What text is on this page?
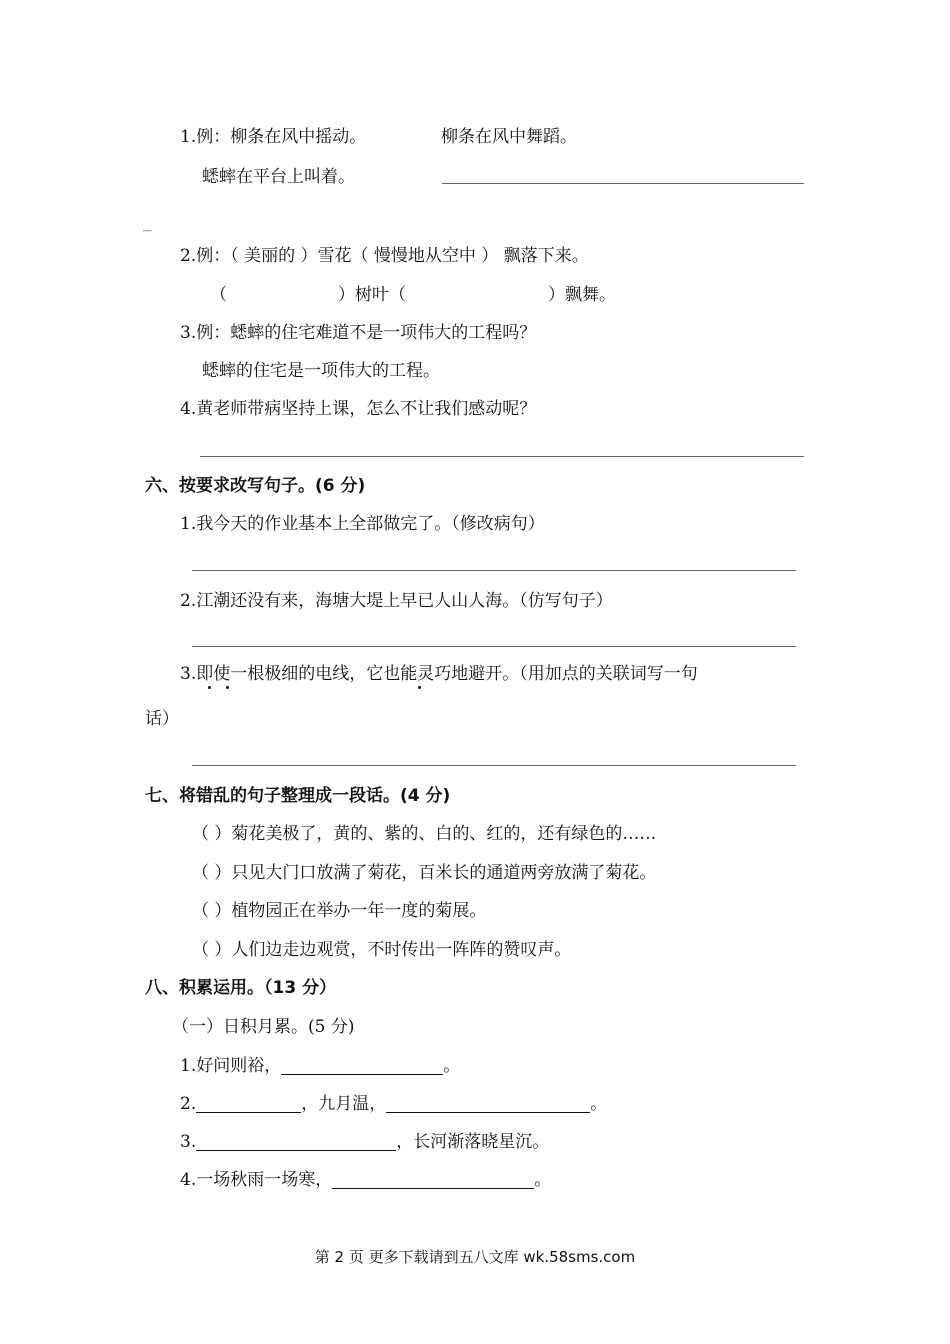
1.例：柳条在风中摇动。	柳条在风中舞蹈。
蟋蟀在平台上叫着。
_
2.例：（ 美丽的 ）雪花（ 慢慢地从空中 ） 飘落下来。
（	）树叶（	）飘舞。
3.例：蟋蟀的住宅难道不是一项伟大的工程吗？
蟋蟀的住宅是一项伟大的工程。
4.黄老师带病坚持上课，怎么不让我们感动呢？
六、按要求改写句子。(6 分)
1.我今天的作业基本上全部做完了。（修改病句）
2.江潮还没有来，海塘大堤上早已人山人海。（仿写句子）
3.即使一根极细的电线，它也能灵巧地避开。（用加点的关联词写一句
话）
七、将错乱的句子整理成一段话。(4 分)
（ ）菊花美极了，黄的、紫的、白的、红的，还有绿色的……
（ ）只见大门口放满了菊花，百米长的通道两旁放满了菊花。
（ ）植物园正在举办一年一度的菊展。
（ ）人们边走边观赏，不时传出一阵阵的赞叹声。
八、积累运用。（13 分）
（一）日积月累。(5 分)
1.好问则裕，	。
2.	，九月温，	。
3.	，长河渐落晓星沉。
4.一场秋雨一场寒，	。
第 2 页 更多下载请到五八文库 wk.58sms.com
